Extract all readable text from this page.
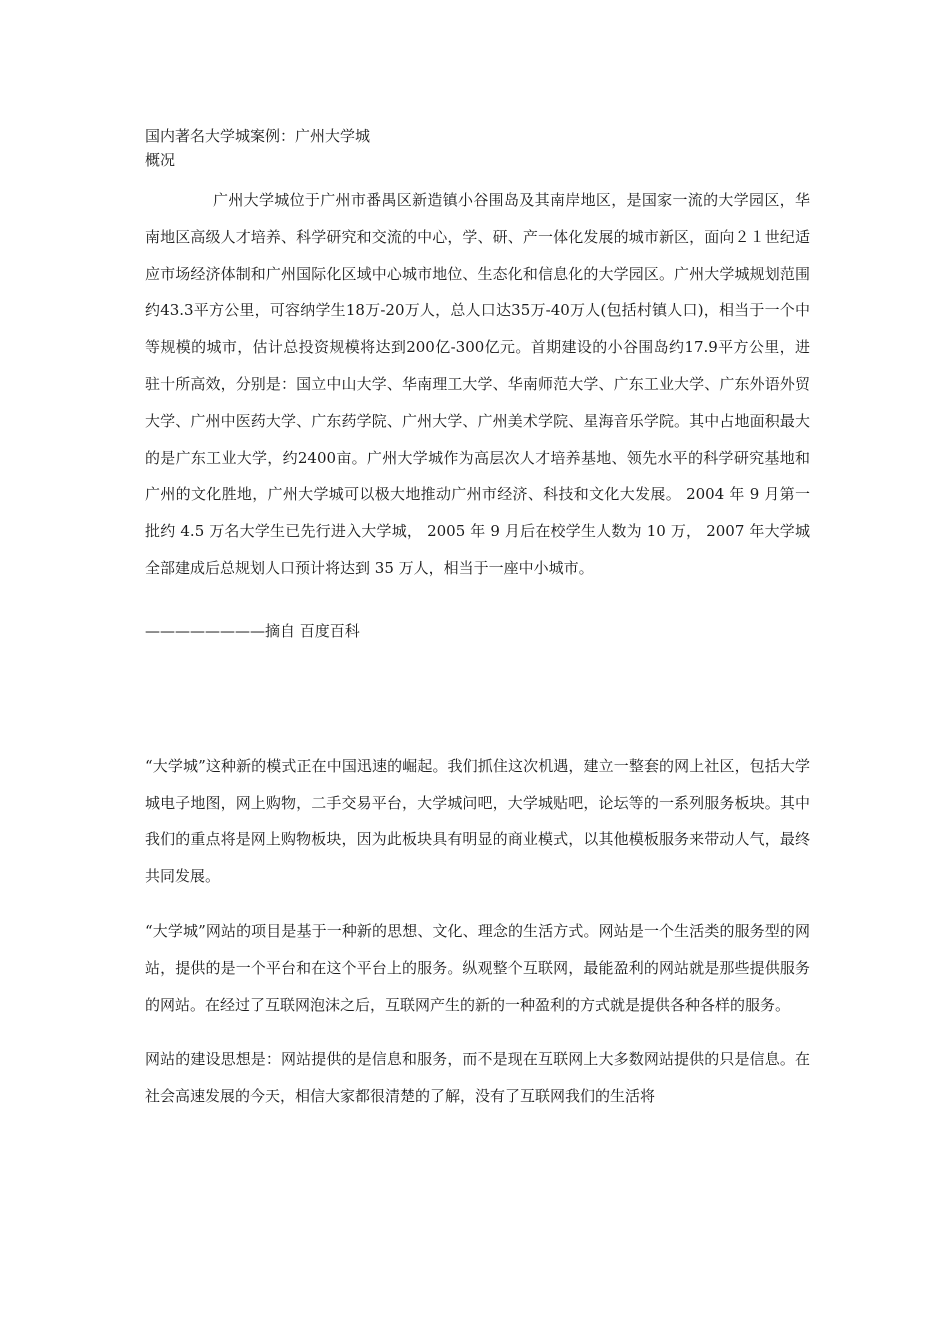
国内著名大学城案例：广州大学城

概况

广州大学城位于广州市番禺区新造镇小谷围岛及其南岸地区，是国家一流的大学园区，华南地区高级人才培养、科学研究和交流的中心，学、研、产一体化发展的城市新区，面向２１世纪适应市场经济体制和广州国际化区域中心城市地位、生态化和信息化的大学园区。广州大学城规划范围约43.3平方公里，可容纳学生18万-20万人，总人口达35万-40万人(包括村镇人口)，相当于一个中等规模的城市，估计总投资规模将达到200亿-300亿元。首期建设的小谷围岛约17.9平方公里，进驻十所高效，分别是：国立中山大学、华南理工大学、华南师范大学、广东工业大学、广东外语外贸大学、广州中医药大学、广东药学院、广州大学、广州美术学院、星海音乐学院。其中占地面积最大的是广东工业大学，约2400亩。广州大学城作为高层次人才培养基地、领先水平的科学研究基地和广州的文化胜地，广州大学城可以极大地推动广州市经济、科技和文化大发展。 2004 年 9 月第一批约 4.5 万名大学生已先行进入大学城， 2005 年 9 月后在校学生人数为 10 万， 2007 年大学城全部建成后总规划人口预计将达到 35 万人，相当于一座中小城市。

————————摘自 百度百科

“大学城”这种新的模式正在中国迅速的崛起。我们抓住这次机遇，建立一整套的网上社区，包括大学城电子地图，网上购物，二手交易平台，大学城问吧，大学城贴吧，论坛等的一系列服务板块。其中我们的重点将是网上购物板块，因为此板块具有明显的商业模式，以其他模板服务来带动人气，最终共同发展。

“大学城”网站的项目是基于一种新的思想、文化、理念的生活方式。网站是一个生活类的服务型的网站，提供的是一个平台和在这个平台上的服务。纵观整个互联网，最能盈利的网站就是那些提供服务的网站。在经过了互联网泡沫之后，互联网产生的新的一种盈利的方式就是提供各种各样的服务。

网站的建设思想是：网站提供的是信息和服务，而不是现在互联网上大多数网站提供的只是信息。在社会高速发展的今天，相信大家都很清楚的了解，没有了互联网我们的生活将
